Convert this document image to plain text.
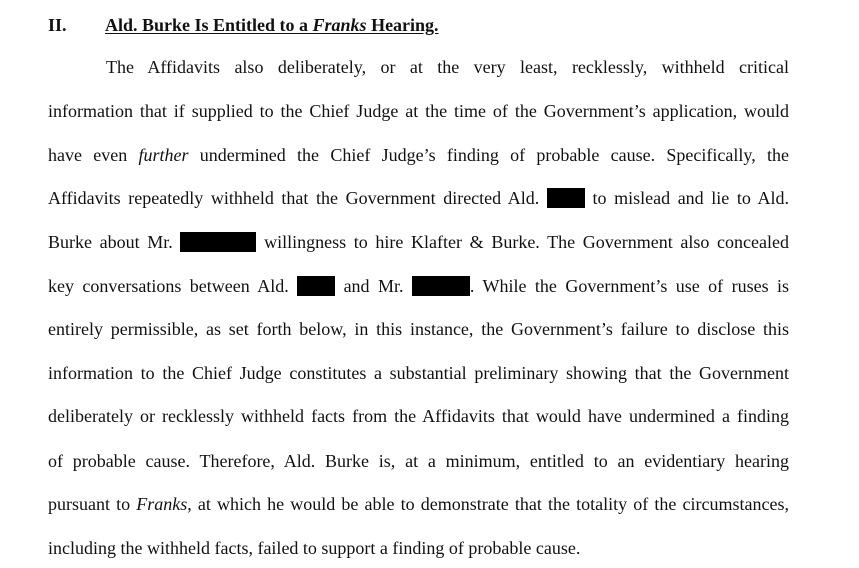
II. Ald. Burke Is Entitled to a Franks Hearing.
The Affidavits also deliberately, or at the very least, recklessly, withheld critical
information that if supplied to the Chief Judge at the time of the Government’s application, would
have even further undermined the Chief Judge’s finding of probable cause. Specifically, the
Affidavits repeatedly withheld that the Government directed Ald.  to mislead and lie to Ald.
Burke about Mr.	willingness to hire Klafter & Burke. The Government also concealed
key conversations between Ald.  and Mr.	. While the Government’s use of ruses is
entirely permissible, as set forth below, in this instance, the Government’s failure to disclose this
information to the Chief Judge constitutes a substantial preliminary showing that the Government
deliberately or recklessly withheld facts from the Affidavits that would have undermined a finding
of probable cause. Therefore, Ald. Burke is, at a minimum, entitled to an evidentiary hearing
pursuant to Franks, at which he would be able to demonstrate that the totality of the circumstances,
including the withheld facts, failed to support a finding of probable cause.
